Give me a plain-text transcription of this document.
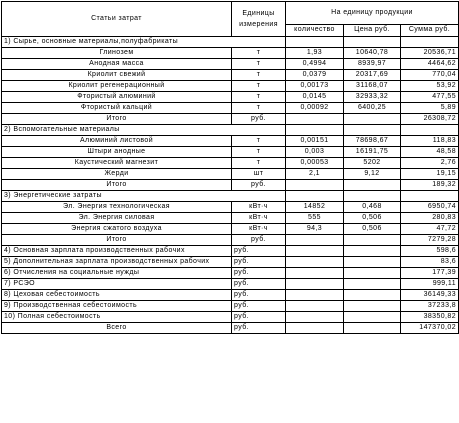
Статьи затрат	Единицы измерения	На единицу продукции		
		количество	Цена руб.	Сумма руб.
1) Сырье, основные материалы,полуфабрикаты				
Глинозем	т	1,93	10640,78	20536,71
Анодная масса	т	0,4994	8939,97	4464,62
Криолит свежий	т	0,0379	20317,69	770,04
Криолит регенерационный	т	0,00173	31168,07	53,92
Фтористый алюминий	т	0,0145	32933,32	477,55
Фтористый кальций	т	0,00092	6400,25	5,89
Итого	руб.			26308,72
2) Вспомогательные материалы				
Алюминий листовой	т	0,00151	78698,67	118,83
Штыри анодные	т	0,003	16191,75	48,58
Каустический магнезит	т	0,00053	5202	2,76
Жерди	шт	2,1	9,12	19,15
Итого	руб.			189,32
3) Энергетические затраты				
Эл. Энергия технологическая	кВт·ч	14852	0,468	6950,74
Эл. Энергия силовая	кВт·ч	555	0,506	280,83
Энергия сжатого воздуха	кВт·ч	94,3	0,506	47,72
Итого	руб.			7279,28
4) Основная зарплата производственных рабочих	руб.			598,6
5) Дополнительная зарплата производственных рабочих	руб.			83,6
6) Отчисления на социальные нужды	руб.			177,39
7) РСЭО	руб.			999,11
8) Цеховая себестоимость	руб.			36149,33
9) Производственная себестоимость	руб.			37233,8
10) Полная себестоимость	руб.			38350,82
Всего	руб.			147370,02
